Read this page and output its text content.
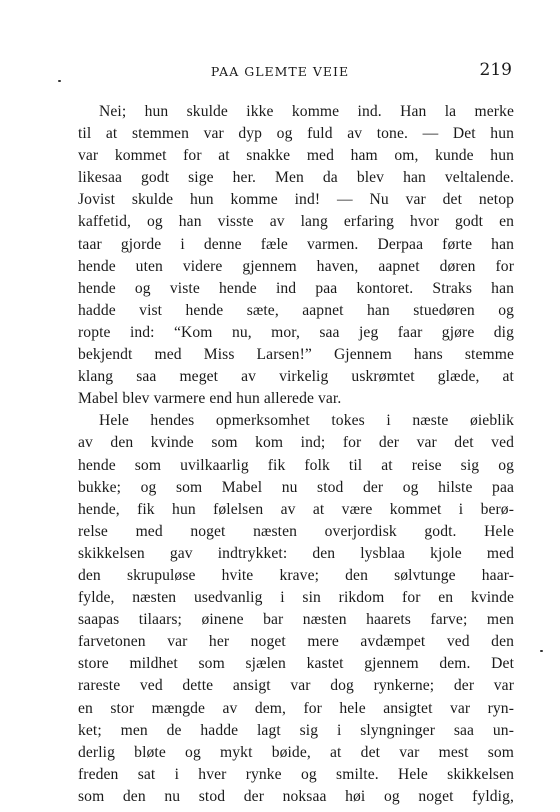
PAA GLEMTE VEIE	219
Nei; hun skulde ikke komme ind. Han la merke
til at stemmen var dyp og fuld av tone. — Det hun
var kommet for at snakke med ham om, kunde hun
likesaa godt sige her. Men da blev han veltalende.
Jovist skulde hun komme ind! — Nu var det netop
kaffetid, og han visste av lang erfaring hvor godt en
taar gjorde i denne fæle varmen. Derpaa førte han
hende uten videre gjennem haven, aapnet døren for
hende og viste hende ind paa kontoret. Straks han
hadde vist hende sæte, aapnet han stuedøren og
ropte ind: “Kom nu, mor, saa jeg faar gjøre dig
bekjendt med Miss Larsen!” Gjennem hans stemme
klang saa meget av virkelig uskrømtet glæde, at
Mabel blev varmere end hun allerede var.
Hele hendes opmerksomhet tokes i næste øieblik
av den kvinde som kom ind; for der var det ved
hende som uvilkaarlig fik folk til at reise sig og
bukke; og som Mabel nu stod der og hilste paa
hende, fik hun følelsen av at være kommet i berø-
relse med noget næsten overjordisk godt. Hele
skikkelsen gav indtrykket: den lysblaa kjole med
den skrupuløse hvite krave; den sølvtunge haar-
fylde, næsten usedvanlig i sin rikdom for en kvinde
saapas tilaars; øinene bar næsten haarets farve; men
farvetonen var her noget mere avdæmpet ved den
store mildhet som sjælen kastet gjennem dem. Det
rareste ved dette ansigt var dog rynkerne; der var
en stor mængde av dem, for hele ansigtet var ryn-
ket; men de hadde lagt sig i slyngninger saa un-
derlig bløte og mykt bøide, at det var mest som
freden sat i hver rynke og smilte. Hele skikkelsen
som den nu stod der noksaa høi og noget fyldig,
